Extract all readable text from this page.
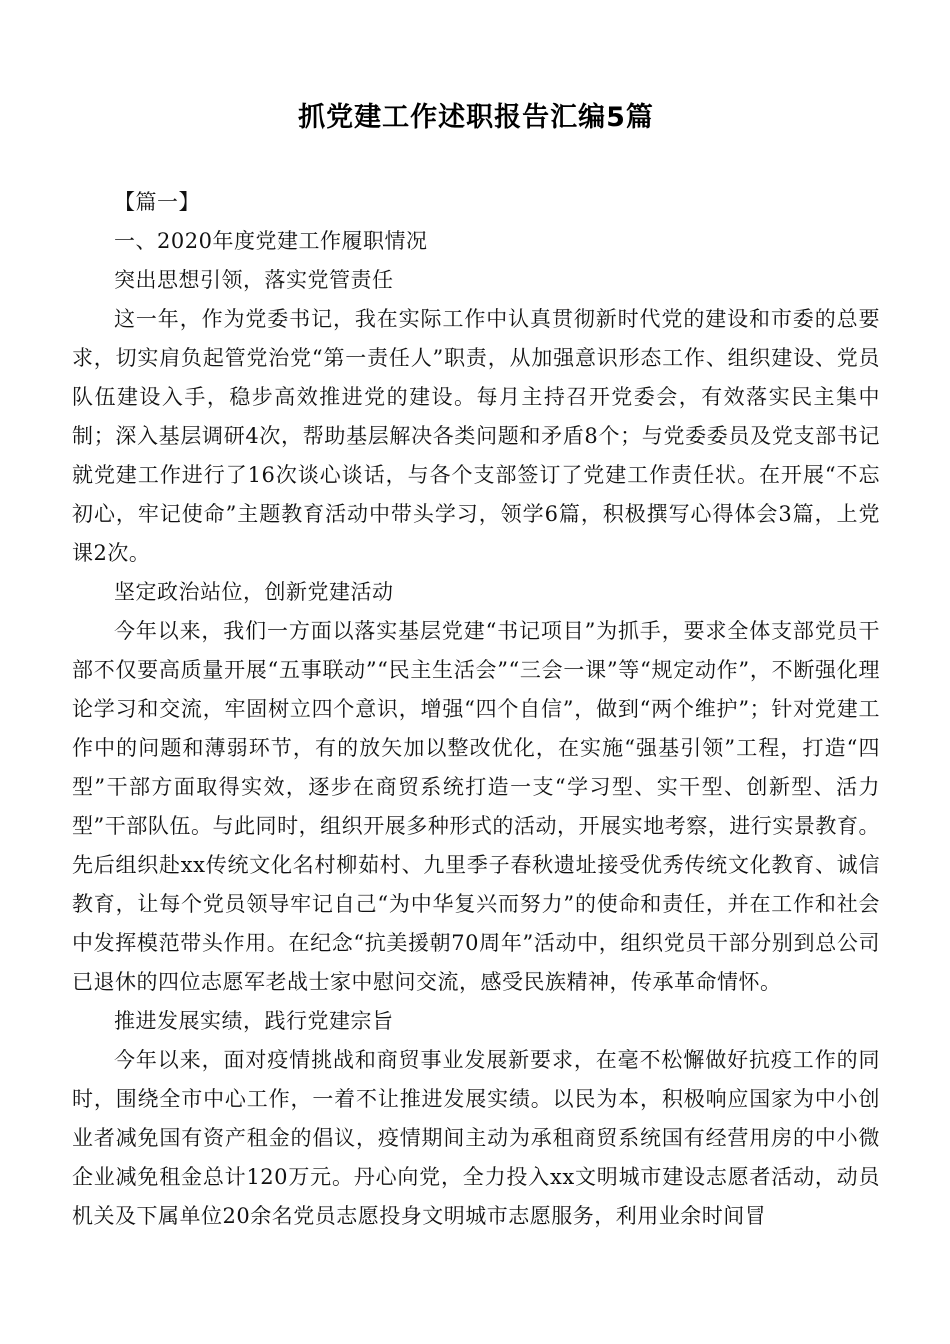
抓党建工作述职报告汇编5篇

【篇一】

一、2020年度党建工作履职情况

突出思想引领，落实党管责任

这一年，作为党委书记，我在实际工作中认真贯彻新时代党的建设和市委的总要求，切实肩负起管党治党“第一责任人”职责，从加强意识形态工作、组织建设、党员队伍建设入手，稳步高效推进党的建设。每月主持召开党委会，有效落实民主集中制；深入基层调研4次，帮助基层解决各类问题和矛盾8个；与党委委员及党支部书记就党建工作进行了16次谈心谈话，与各个支部签订了党建工作责任状。在开展“不忘初心，牢记使命”主题教育活动中带头学习，领学6篇，积极撰写心得体会3篇，上党课2次。

坚定政治站位，创新党建活动

今年以来，我们一方面以落实基层党建“书记项目”为抓手，要求全体支部党员干部不仅要高质量开展“五事联动”“民主生活会”“三会一课”等“规定动作”，不断强化理论学习和交流，牢固树立四个意识，增强“四个自信”，做到“两个维护”；针对党建工作中的问题和薄弱环节，有的放矢加以整改优化，在实施“强基引领”工程，打造“四型”干部方面取得实效，逐步在商贸系统打造一支“学习型、实干型、创新型、活力型”干部队伍。与此同时，组织开展多种形式的活动，开展实地考察，进行实景教育。先后组织赴xx传统文化名村柳茹村、九里季子春秋遗址接受优秀传统文化教育、诚信教育，让每个党员领导牢记自己“为中华复兴而努力”的使命和责任，并在工作和社会中发挥模范带头作用。在纪念“抗美援朝70周年”活动中，组织党员干部分别到总公司已退休的四位志愿军老战士家中慰问交流，感受民族精神，传承革命情怀。

推进发展实绩，践行党建宗旨

今年以来，面对疫情挑战和商贸事业发展新要求，在毫不松懈做好抗疫工作的同时，围绕全市中心工作，一着不让推进发展实绩。以民为本，积极响应国家为中小创业者减免国有资产租金的倡议，疫情期间主动为承租商贸系统国有经营用房的中小微企业减免租金总计120万元。丹心向党，全力投入xx文明城市建设志愿者活动，动员机关及下属单位20余名党员志愿投身文明城市志愿服务，利用业余时间冒
